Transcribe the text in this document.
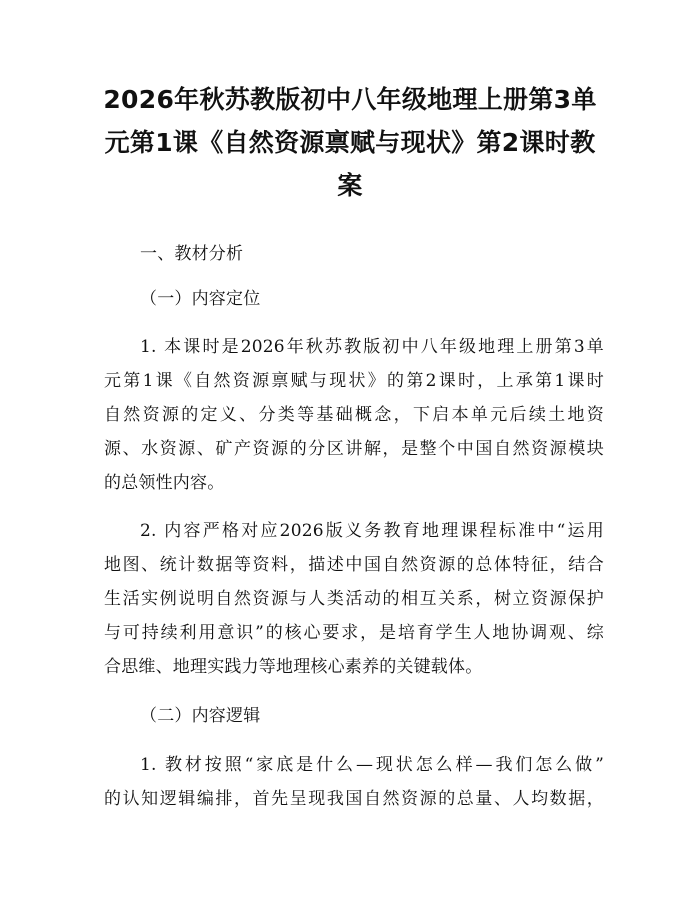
2026年秋苏教版初中八年级地理上册第3单元第1课《自然资源禀赋与现状》第2课时教案

一、教材分析

（一）内容定位

1. 本课时是2026年秋苏教版初中八年级地理上册第3单

元第1课《自然资源禀赋与现状》的第2课时，上承第1课时

自然资源的定义、分类等基础概念，下启本单元后续土地资

源、水资源、矿产资源的分区讲解，是整个中国自然资源模块

的总领性内容。

2. 内容严格对应2026版义务教育地理课程标准中“运用

地图、统计数据等资料，描述中国自然资源的总体特征，结合

生活实例说明自然资源与人类活动的相互关系，树立资源保护

与可持续利用意识”的核心要求，是培育学生人地协调观、综

合思维、地理实践力等地理核心素养的关键载体。

（二）内容逻辑

1. 教材按照“家底是什么—现状怎么样—我们怎么做”

的认知逻辑编排，首先呈现我国自然资源的总量、人均数据，
